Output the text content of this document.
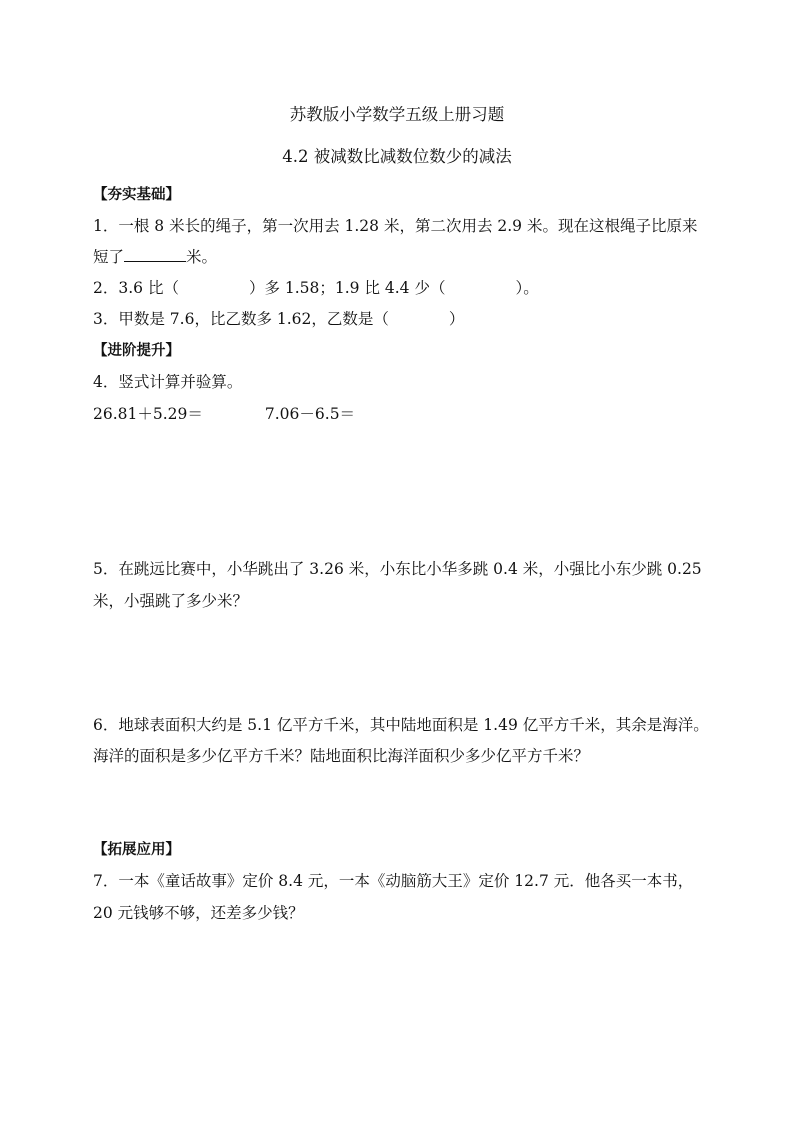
苏教版小学数学五级上册习题
4.2 被减数比减数位数少的减法
【夯实基础】
1．一根 8 米长的绳子，第一次用去 1.28 米，第二次用去 2.9 米。现在这根绳子比原来
短了	米。
2．3.6 比（	）多 1.58；1.9 比 4.4 少（	）。
3．甲数是 7.6，比乙数多 1.62，乙数是（	）
【进阶提升】
4．竖式计算并验算。
26.81＋5.29＝	7.06－6.5＝
5．在跳远比赛中，小华跳出了 3.26 米，小东比小华多跳 0.4 米，小强比小东少跳 0.25
米，小强跳了多少米？
6．地球表面积大约是 5.1 亿平方千米，其中陆地面积是 1.49 亿平方千米，其余是海洋。
海洋的面积是多少亿平方千米？陆地面积比海洋面积少多少亿平方千米？
【拓展应用】
7．一本《童话故事》定价 8.4 元，一本《动脑筋大王》定价 12.7 元．他各买一本书，
20 元钱够不够，还差多少钱？
